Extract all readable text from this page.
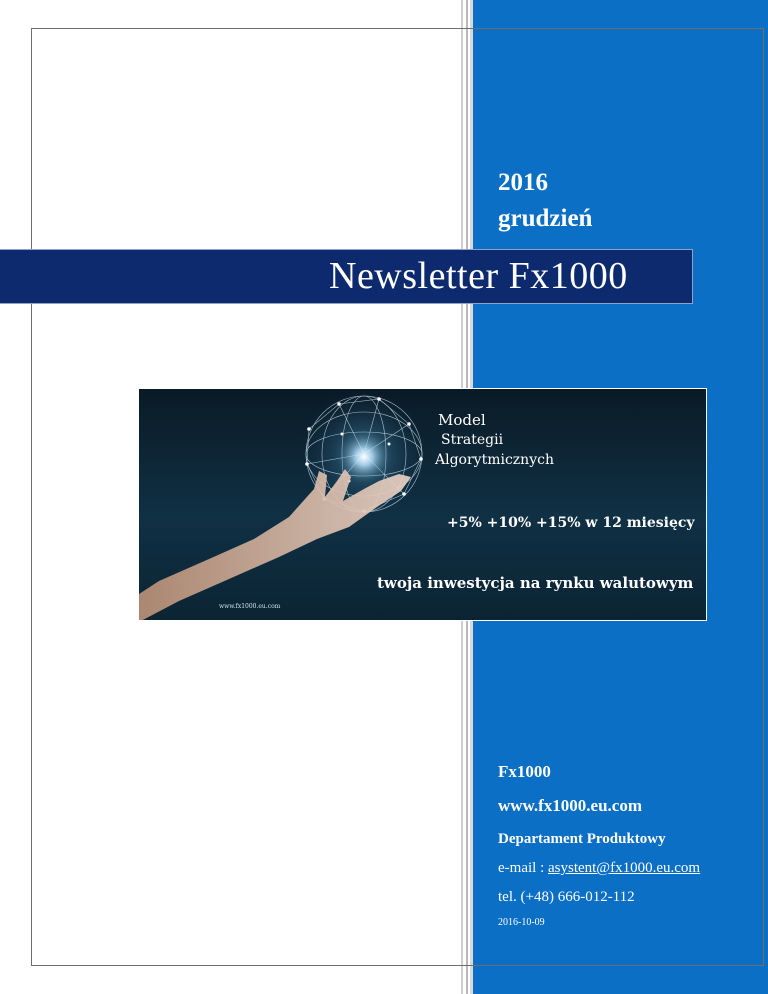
2016
grudzień
Newsletter Fx1000
Model
Strategii
Algorytmicznych
+5% +10% +15% w 12 miesięcy
twoja inwestycja na rynku walutowym
www.fx1000.eu.com
Fx1000
www.fx1000.eu.com
Departament Produktowy
e-mail : asystent@fx1000.eu.com
tel. (+48) 666-012-112
2016-10-09
